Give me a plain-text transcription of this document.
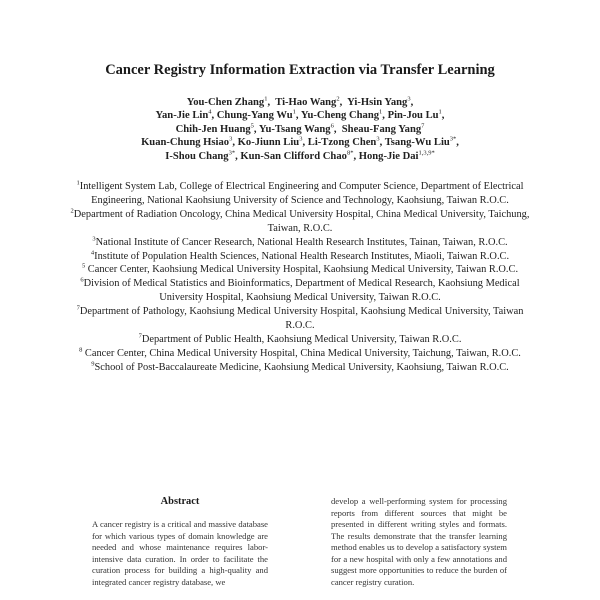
Cancer Registry Information Extraction via Transfer Learning
You-Chen Zhang$^1$, Ti-Hao Wang$^2$, Yi-Hsin Yang$^3$,
Yan-Jie Lin$^4$, Chung-Yang Wu$^1$, Yu-Cheng Chang$^1$, Pin-Jou Lu$^1$,
Chih-Jen Huang$^5$, Yu-Tsang Wang$^6$, Sheau-Fang Yang$^7$
Kuan-Chung Hsiao$^3$, Ko-Jiunn Liu$^3$, Li-Tzong Chen$^3$, Tsang-Wu Liu$^{3*}$,
I-Shou Chang$^{3*}$, Kun-San Clifford Chao$^{8*}$, Hong-Jie Dai$^{1,3,9*}$

$^1$Intelligent System Lab, College of Electrical Engineering and Computer Science, Department of Electrical Engineering, National Kaohsiung University of Science and Technology, Kaohsiung, Taiwan R.O.C.

$^2$Department of Radiation Oncology, China Medical University Hospital, China Medical University, Taichung, Taiwan, R.O.C.

$^3$National Institute of Cancer Research, National Health Research Institutes, Tainan, Taiwan, R.O.C.

$^4$Institute of Population Health Sciences, National Health Research Institutes, Miaoli, Taiwan R.O.C.

$^5$ Cancer Center, Kaohsiung Medical University Hospital, Kaohsiung Medical University, Taiwan R.O.C.

$^6$Division of Medical Statistics and Bioinformatics, Department of Medical Research, Kaohsiung Medical University Hospital, Kaohsiung Medical University, Taiwan R.O.C.

$^7$Department of Pathology, Kaohsiung Medical University Hospital, Kaohsiung Medical University, Taiwan R.O.C.

$^7$Department of Public Health, Kaohsiung Medical University, Taiwan R.O.C.

$^8$ Cancer Center, China Medical University Hospital, China Medical University, Taichung, Taiwan, R.O.C.

$^9$School of Post-Baccalaureate Medicine, Kaohsiung Medical University, Kaohsiung, Taiwan R.O.C.

Abstract

A cancer registry is a critical and massive database for which various types of domain knowledge are needed and whose maintenance requires labor-intensive data curation. In order to facilitate the curation process for building a high-quality and integrated cancer registry database, we

develop a well-performing system for processing reports from different sources that might be presented in different writing styles and formats. The results demonstrate that the transfer learning method enables us to develop a satisfactory system for a new hospital with only a few annotations and suggest more opportunities to reduce the burden of cancer registry curation.
